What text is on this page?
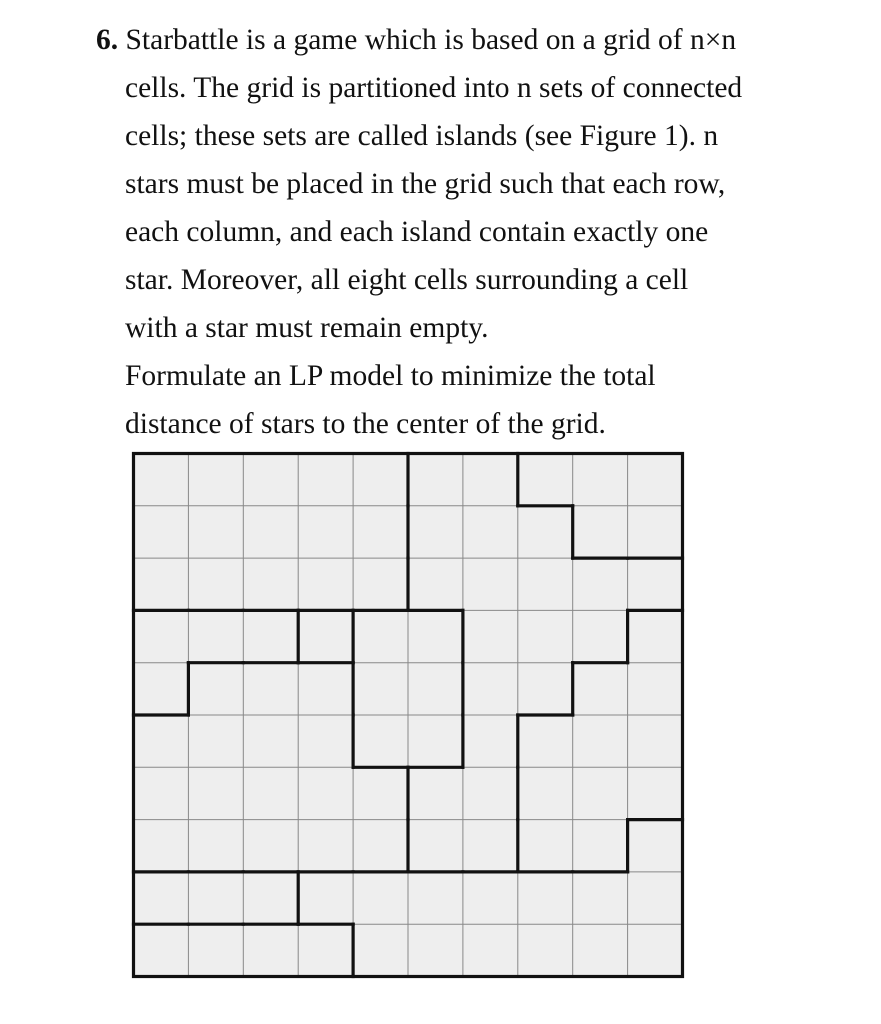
6. Starbattle is a game which is based on a grid of n×n
cells. The grid is partitioned into n sets of connected
cells; these sets are called islands (see Figure 1). n
stars must be placed in the grid such that each row,
each column, and each island contain exactly one
star. Moreover, all eight cells surrounding a cell
with a star must remain empty.
Formulate an LP model to minimize the total
distance of stars to the center of the grid.
